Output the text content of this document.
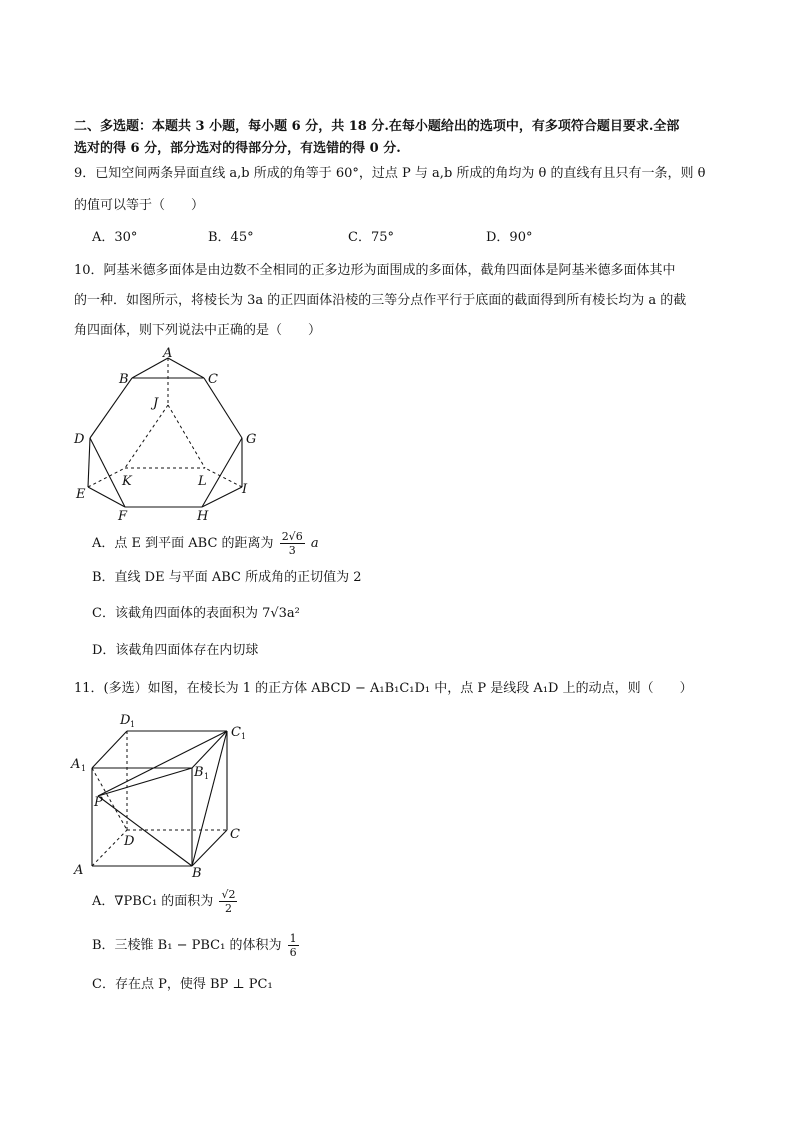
二、多选题：本题共 3 小题，每小题 6 分，共 18 分.在每小题给出的选项中，有多项符合题目要求.全部
选对的得 6 分，部分选对的得部分分，有选错的得 0 分.
9．已知空间两条异面直线 a,b 所成的角等于 60°，过点 P 与 a,b 所成的角均为 θ 的直线有且只有一条，则 θ
的值可以等于（　　）
A．30°	B．45°	C．75°	D．90°
10．阿基米德多面体是由边数不全相同的正多边形为面围成的多面体，截角四面体是阿基米德多面体其中
的一种．如图所示，将棱长为 3a 的正四面体沿棱的三等分点作平行于底面的截面得到所有棱长均为 a 的截
角四面体，则下列说法中正确的是（　　）
A
B	C
J
D	G
K	L
E	I
F	H
A．点 E 到平面 ABC 的距离为 $\frac{2√6}{3}$ a
B．直线 DE 与平面 ABC 所成角的正切值为 2
C．该截角四面体的表面积为 7√3a²
D．该截角四面体存在内切球
11．(多选）如图，在棱长为 1 的正方体 ABCD − A₁B₁C₁D₁ 中，点 P 是线段 A₁D 上的动点，则（　　）
D 1
C 1
A 1	B 1
P
D	C
A	B
A．∇PBC₁ 的面积为 $\frac{√2}{2}$
B．三棱锥 B₁ − PBC₁ 的体积为 $\frac{1}{6}$
C．存在点 P，使得 BP ⊥ PC₁
